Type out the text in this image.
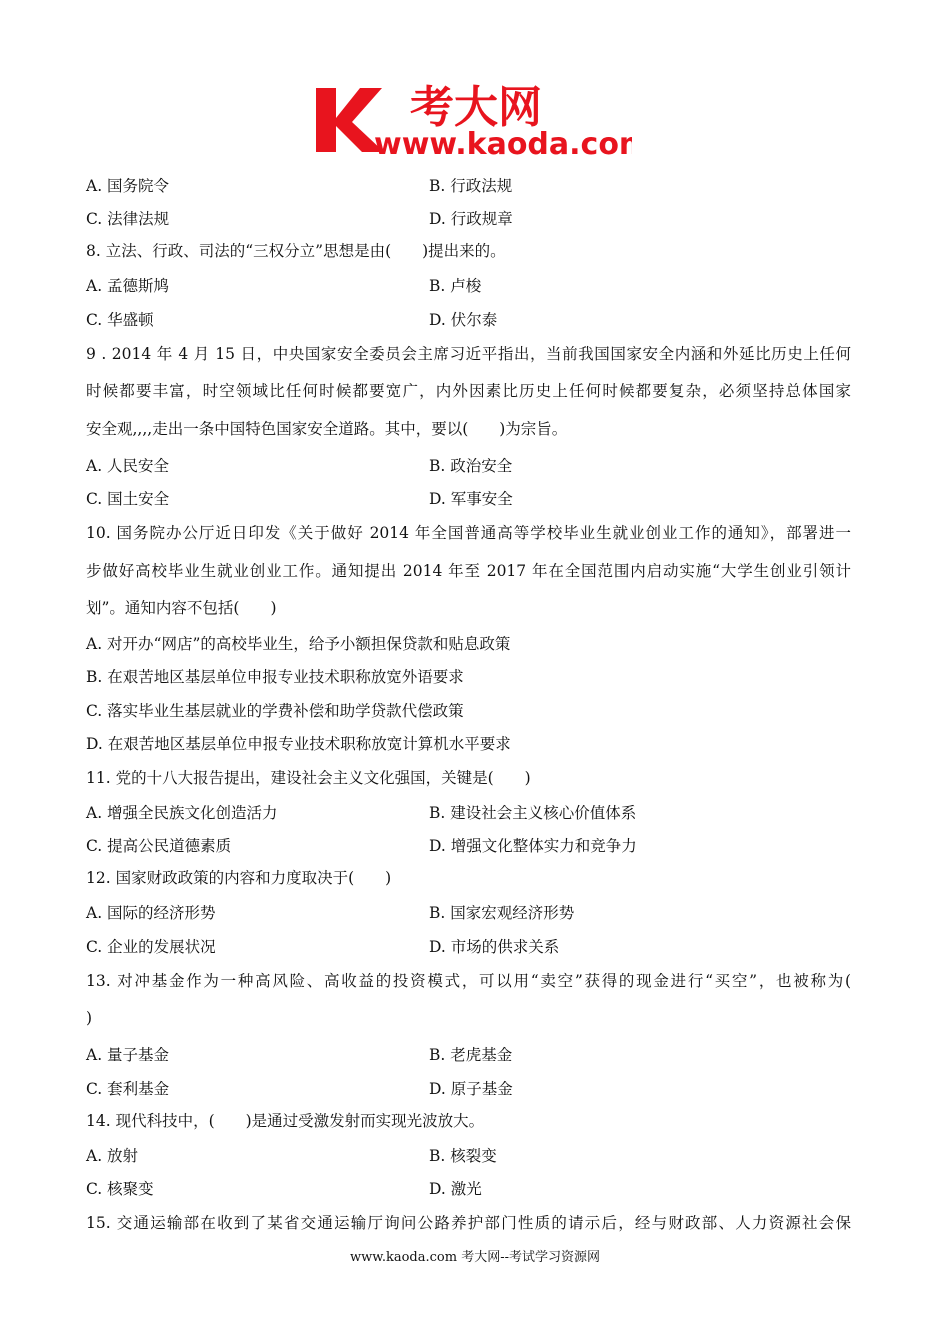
考大网
www.kaoda.com
A. 国务院令	B. 行政法规
C. 法律法规	D. 行政规章
8. 立法、行政、司法的“三权分立”思想是由(　　)提出来的。
A. 孟德斯鸠	B. 卢梭
C. 华盛顿	D. 伏尔泰
9 . 2014 年 4 月 15 日，中央国家安全委员会主席习近平指出，当前我国国家安全内涵和外延比历史上任何
时候都要丰富，时空领域比任何时候都要宽广，内外因素比历史上任何时候都要复杂，必须坚持总体国家
安全观,,,,走出一条中国特色国家安全道路。其中，要以(　　)为宗旨。
A. 人民安全	B. 政治安全
C. 国土安全	D. 军事安全
10. 国务院办公厅近日印发《关于做好 2014 年全国普通高等学校毕业生就业创业工作的通知》，部署进一
步做好高校毕业生就业创业工作。通知提出 2014 年至 2017 年在全国范围内启动实施“大学生创业引领计
划”。通知内容不包括(　　)
A. 对开办“网店”的高校毕业生，给予小额担保贷款和贴息政策
B. 在艰苦地区基层单位申报专业技术职称放宽外语要求
C. 落实毕业生基层就业的学费补偿和助学贷款代偿政策
D. 在艰苦地区基层单位申报专业技术职称放宽计算机水平要求
11. 党的十八大报告提出，建设社会主义文化强国，关键是(　　)
A. 增强全民族文化创造活力	B. 建设社会主义核心价值体系
C. 提高公民道德素质	D. 增强文化整体实力和竞争力
12. 国家财政政策的内容和力度取决于(　　)
A. 国际的经济形势	B. 国家宏观经济形势
C. 企业的发展状况	D. 市场的供求关系
13. 对冲基金作为一种高风险、高收益的投资模式，可以用“卖空”获得的现金进行“买空”，也被称为(
)
A. 量子基金	B. 老虎基金
C. 套利基金	D. 原子基金
14. 现代科技中，(　　)是通过受激发射而实现光波放大。
A. 放射	B. 核裂变
C. 核聚变	D. 激光
15. 交通运输部在收到了某省交通运输厅询问公路养护部门性质的请示后，经与财政部、人力资源社会保
www.kaoda.com 考大网--考试学习资源网
